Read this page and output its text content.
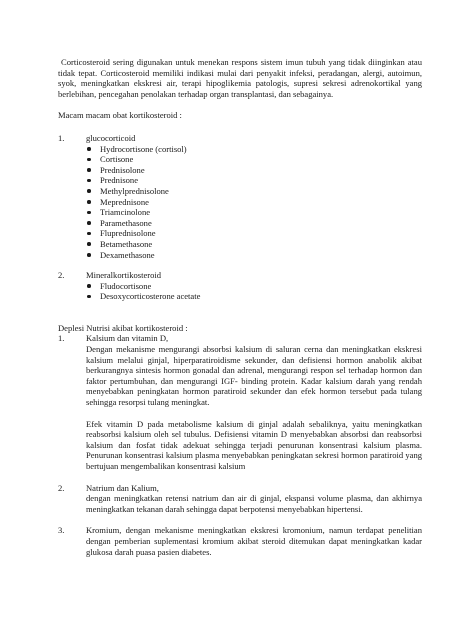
Corticosteroid sering digunakan untuk menekan respons sistem imun tubuh yang tidak diinginkan atau tidak tepat. Corticosteroid memiliki indikasi mulai dari penyakit infeksi, peradangan, alergi, autoimun, syok, meningkatkan ekskresi air, terapi hipoglikemia patologis, supresi sekresi adrenokortikal yang berlebihan, pencegahan penolakan terhadap organ transplantasi, dan sebagainya.

Macam macam obat kortikosteroid :

1.	glucocorticoid
Hydrocortisone (cortisol)
Cortisone
Prednisolone
Prednisone
Methylprednisolone
Meprednisone
Triamcinolone
Paramethasone
Fluprednisolone
Betamethasone
Dexamethasone
2.	Mineralkortikosteroid
Fludocortisone
Desoxycorticosterone acetate

Deplesi Nutrisi akibat kortikosteroid :

1.	Kalsium dan vitamin D,

Dengan mekanisme mengurangi absorbsi kalsium di saluran cerna dan meningkatkan ekskresi kalsium melalui ginjal, hiperparatiroidisme sekunder, dan defisiensi hormon anabolik akibat berkurangnya sintesis hormon gonadal dan adrenal, mengurangi respon sel terhadap hormon dan faktor pertumbuhan, dan mengurangi IGF- binding protein. Kadar kalsium darah yang rendah menyebabkan peningkatan hormon paratiroid sekunder dan efek hormon tersebut pada tulang sehingga resorpsi tulang meningkat.

Efek vitamin D pada metabolisme kalsium di ginjal adalah sebaliknya, yaitu meningkatkan reabsorbsi kalsium oleh sel tubulus. Defisiensi vitamin D menyebabkan absorbsi dan reabsorbsi kalsium dan fosfat tidak adekuat sehingga terjadi penurunan konsentrasi kalsium plasma. Penurunan konsentrasi kalsium plasma menyebabkan peningkatan sekresi hormon paratiroid yang bertujuan mengembalikan konsentrasi kalsium

2.	Natrium dan Kalium,

dengan meningkatkan retensi natrium dan air di ginjal, ekspansi volume plasma, dan akhirnya meningkatkan tekanan darah sehingga dapat berpotensi menyebabkan hipertensi.

3.	Kromium, dengan mekanisme meningkatkan ekskresi kromonium, namun terdapat penelitian dengan pemberian suplementasi kromium akibat steroid ditemukan dapat meningkatkan kadar glukosa darah puasa pasien diabetes.
